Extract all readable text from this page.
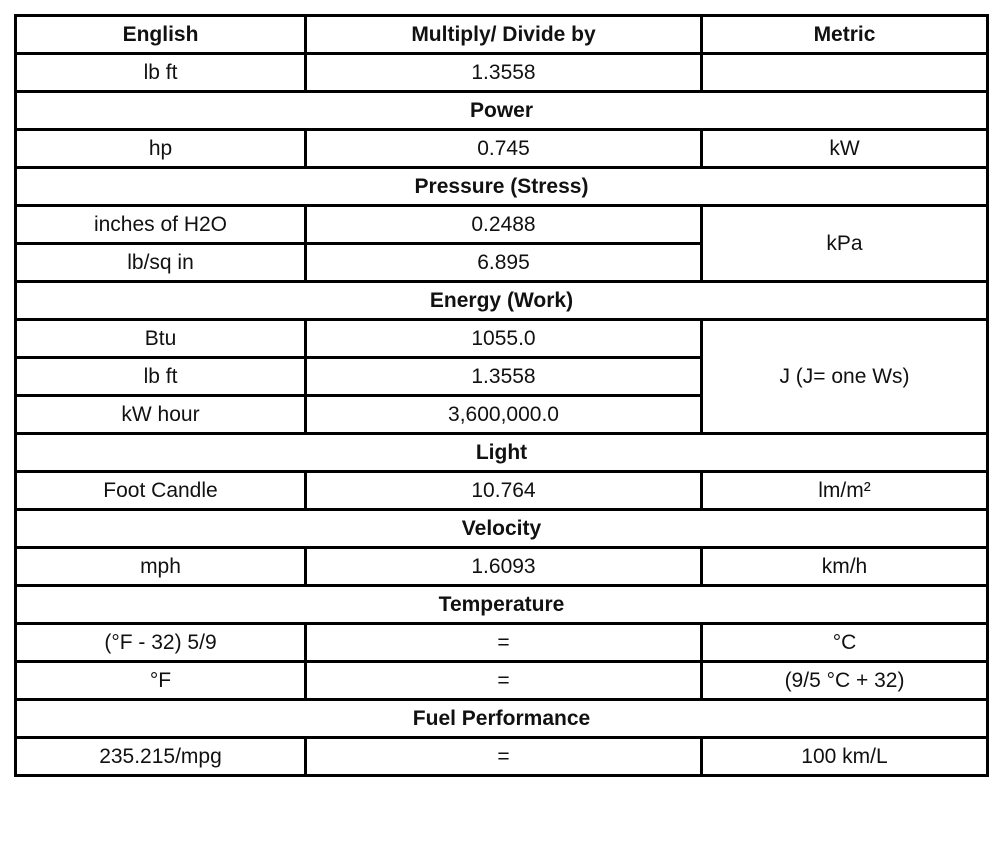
English	Multiply/ Divide by	Metric
lb ft	1.3558	
Power		
hp	0.745	kW
Pressure (Stress)		
inches of H2O	0.2488	kPa
lb/sq in	6.895	
Energy (Work)		
Btu	1055.0	J (J= one Ws)
lb ft	1.3558	
kW hour	3,600,000.0	
Light		
Foot Candle	10.764	lm/m²
Velocity		
mph	1.6093	km/h
Temperature		
(°F - 32) 5/9	=	°C
°F	=	(9/5 °C + 32)
Fuel Performance		
235.215/mpg	=	100 km/L
